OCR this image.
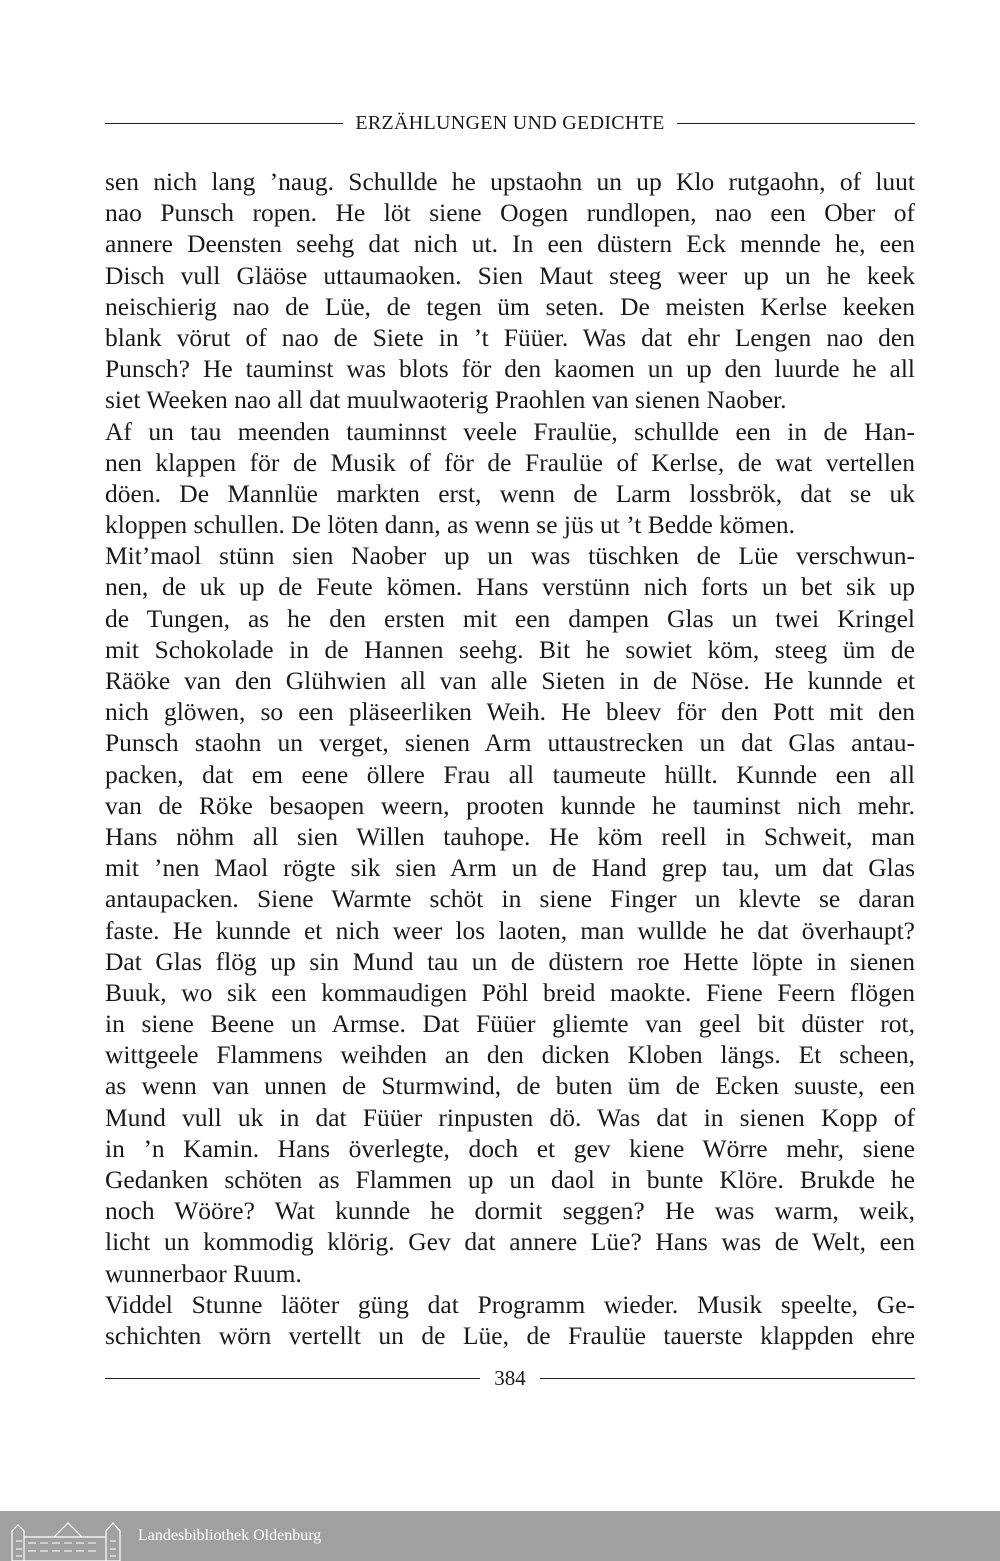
ERZÄHLUNGEN UND GEDICHTE
sen nich lang ’naug. Schullde he upstaohn un up Klo rutgaohn, of luut
nao Punsch ropen. He löt siene Oogen rundlopen, nao een Ober of
annere Deensten seehg dat nich ut. In een düstern Eck mennde he, een
Disch vull Gläöse uttaumaoken. Sien Maut steeg weer up un he keek
neischierig nao de Lüe, de tegen üm seten. De meisten Kerlse keeken
blank vörut of nao de Siete in ’t Füüer. Was dat ehr Lengen nao den
Punsch? He tauminst was blots för den kaomen un up den luurde he all
siet Weeken nao all dat muulwaoterig Praohlen van sienen Naober.
Af un tau meenden tauminnst veele Fraulüe, schullde een in de Han-
nen klappen för de Musik of för de Fraulüe of Kerlse, de wat vertellen
döen. De Mannlüe markten erst, wenn de Larm lossbrök, dat se uk
kloppen schullen. De löten dann, as wenn se jüs ut ’t Bedde kömen.
Mit’maol stünn sien Naober up un was tüschken de Lüe verschwun-
nen, de uk up de Feute kömen. Hans verstünn nich forts un bet sik up
de Tungen, as he den ersten mit een dampen Glas un twei Kringel
mit Schokolade in de Hannen seehg. Bit he sowiet köm, steeg üm de
Räöke van den Glühwien all van alle Sieten in de Nöse. He kunnde et
nich glöwen, so een pläseerliken Weih. He bleev för den Pott mit den
Punsch staohn un verget, sienen Arm uttaustrecken un dat Glas antau-
packen, dat em eene öllere Frau all taumeute hüllt. Kunnde een all
van de Röke besaopen weern, prooten kunnde he tauminst nich mehr.
Hans nöhm all sien Willen tauhope. He köm reell in Schweit, man
mit ’nen Maol rögte sik sien Arm un de Hand grep tau, um dat Glas
antaupacken. Siene Warmte schöt in siene Finger un klevte se daran
faste. He kunnde et nich weer los laoten, man wullde he dat överhaupt?
Dat Glas flög up sin Mund tau un de düstern roe Hette löpte in sienen
Buuk, wo sik een kommaudigen Pöhl breid maokte. Fiene Feern flögen
in siene Beene un Armse. Dat Füüer gliemte van geel bit düster rot,
wittgeele Flammens weihden an den dicken Kloben längs. Et scheen,
as wenn van unnen de Sturmwind, de buten üm de Ecken suuste, een
Mund vull uk in dat Füüer rinpusten dö. Was dat in sienen Kopp of
in ’n Kamin. Hans överlegte, doch et gev kiene Wörre mehr, siene
Gedanken schöten as Flammen up un daol in bunte Klöre. Brukde he
noch Wööre? Wat kunnde he dormit seggen? He was warm, weik,
licht un kommodig klörig. Gev dat annere Lüe? Hans was de Welt, een
wunnerbaor Ruum.
Viddel Stunne läöter güng dat Programm wieder. Musik speelte, Ge-
schichten wörn vertellt un de Lüe, de Fraulüe tauerste klappden ehre
384
Landesbibliothek Oldenburg
